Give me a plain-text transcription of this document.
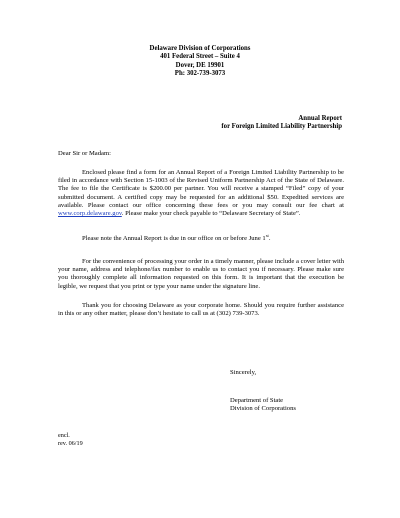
Delaware Division of Corporations
401 Federal Street – Suite 4
Dover, DE 19901
Ph: 302-739-3073
Annual Report
for Foreign Limited Liability Partnership
Dear Sir or Madam:

Enclosed please find a form for an Annual Report of a Foreign Limited Liability Partnership to be filed in accordance with Section 15-1003 of the Revised Uniform Partnership Act of the State of Delaware. The fee to file the Certificate is $200.00 per partner. You will receive a stamped “Filed” copy of your submitted document. A certified copy may be requested for an additional $50. Expedited services are available. Please contact our office concerning these fees or you may consult our fee chart at www.corp.delaware.gov. Please make your check payable to “Delaware Secretary of State”.

Please note the Annual Report is due in our office on or before June 1st.

For the convenience of processing your order in a timely manner, please include a cover letter with your name, address and telephone/fax number to enable us to contact you if necessary. Please make sure you thoroughly complete all information requested on this form. It is important that the execution be legible, we request that you print or type your name under the signature line.

Thank you for choosing Delaware as your corporate home. Should you require further assistance in this or any other matter, please don’t hesitate to call us at (302) 739-3073.

Sincerely,
Department of State
Division of Corporations
encl.
rev. 06/19
